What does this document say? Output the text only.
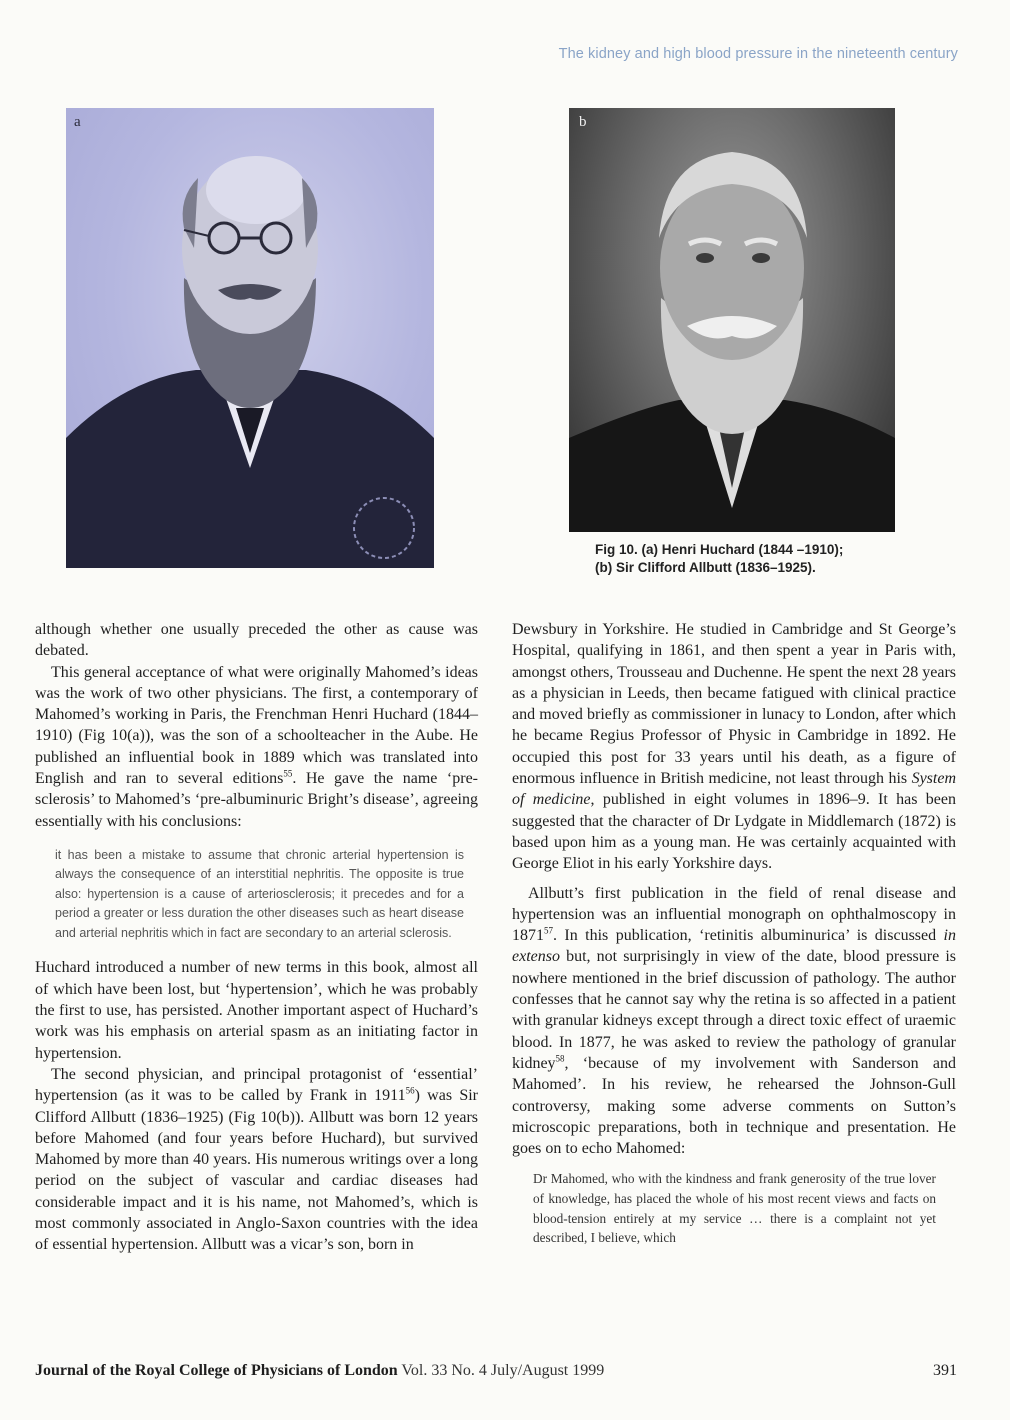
The kidney and high blood pressure in the nineteenth century
a	b
Fig 10. (a) Henri Huchard (1844 –1910);
(b) Sir Clifford Allbutt (1836–1925).

although whether one usually preceded the other as cause was debated.

This general acceptance of what were originally Mahomed’s ideas was the work of two other physicians. The first, a contemporary of Mahomed’s working in Paris, the Frenchman Henri Huchard (1844–1910) (Fig 10(a)), was the son of a schoolteacher in the Aube. He published an influential book in 1889 which was translated into English and ran to several editions$^{55}$. He gave the name ‘pre-sclerosis’ to Mahomed’s ‘pre-albuminuric Bright’s disease’, agreeing essentially with his conclusions:

it has been a mistake to assume that chronic arterial hypertension is always the consequence of an interstitial nephritis. The opposite is true also: hypertension is a cause of arteriosclerosis; it precedes and for a period a greater or less duration the other diseases such as heart disease and arterial nephritis which in fact are secondary to an arterial sclerosis.

Huchard introduced a number of new terms in this book, almost all of which have been lost, but ‘hypertension’, which he was probably the first to use, has persisted. Another important aspect of Huchard’s work was his emphasis on arterial spasm as an initiating factor in hypertension.

The second physician, and principal protagonist of ‘essential’ hypertension (as it was to be called by Frank in 1911$^{56}$) was Sir Clifford Allbutt (1836–1925) (Fig 10(b)). Allbutt was born 12 years before Mahomed (and four years before Huchard), but survived Mahomed by more than 40 years. His numerous writings over a long period on the subject of vascular and cardiac diseases had considerable impact and it is his name, not Mahomed’s, which is most commonly associated in Anglo-Saxon countries with the idea of essential hypertension. Allbutt was a vicar’s son, born in

Dewsbury in Yorkshire. He studied in Cambridge and St George’s Hospital, qualifying in 1861, and then spent a year in Paris with, amongst others, Trousseau and Duchenne. He spent the next 28 years as a physician in Leeds, then became fatigued with clinical practice and moved briefly as commissioner in lunacy to London, after which he became Regius Professor of Physic in Cambridge in 1892. He occupied this post for 33 years until his death, as a figure of enormous influence in British medicine, not least through his System of medicine, published in eight volumes in 1896–9. It has been suggested that the character of Dr Lydgate in Middlemarch (1872) is based upon him as a young man. He was certainly acquainted with George Eliot in his early Yorkshire days.

Allbutt’s first publication in the field of renal disease and hypertension was an influential monograph on ophthalmoscopy in 1871$^{57}$. In this publication, ‘retinitis albuminurica’ is discussed in extenso but, not surprisingly in view of the date, blood pressure is nowhere mentioned in the brief discussion of pathology. The author confesses that he cannot say why the retina is so affected in a patient with granular kidneys except through a direct toxic effect of uraemic blood. In 1877, he was asked to review the pathology of granular kidney$^{58}$, ‘because of my involvement with Sanderson and Mahomed’. In his review, he rehearsed the Johnson-Gull controversy, making some adverse comments on Sutton’s microscopic preparations, both in technique and presentation. He goes on to echo Mahomed:

Dr Mahomed, who with the kindness and frank generosity of the true lover of knowledge, has placed the whole of his most recent views and facts on blood-tension entirely at my service … there is a complaint not yet described, I believe, which
Journal of the Royal College of Physicians of London Vol. 33 No. 4 July/August 1999	391
